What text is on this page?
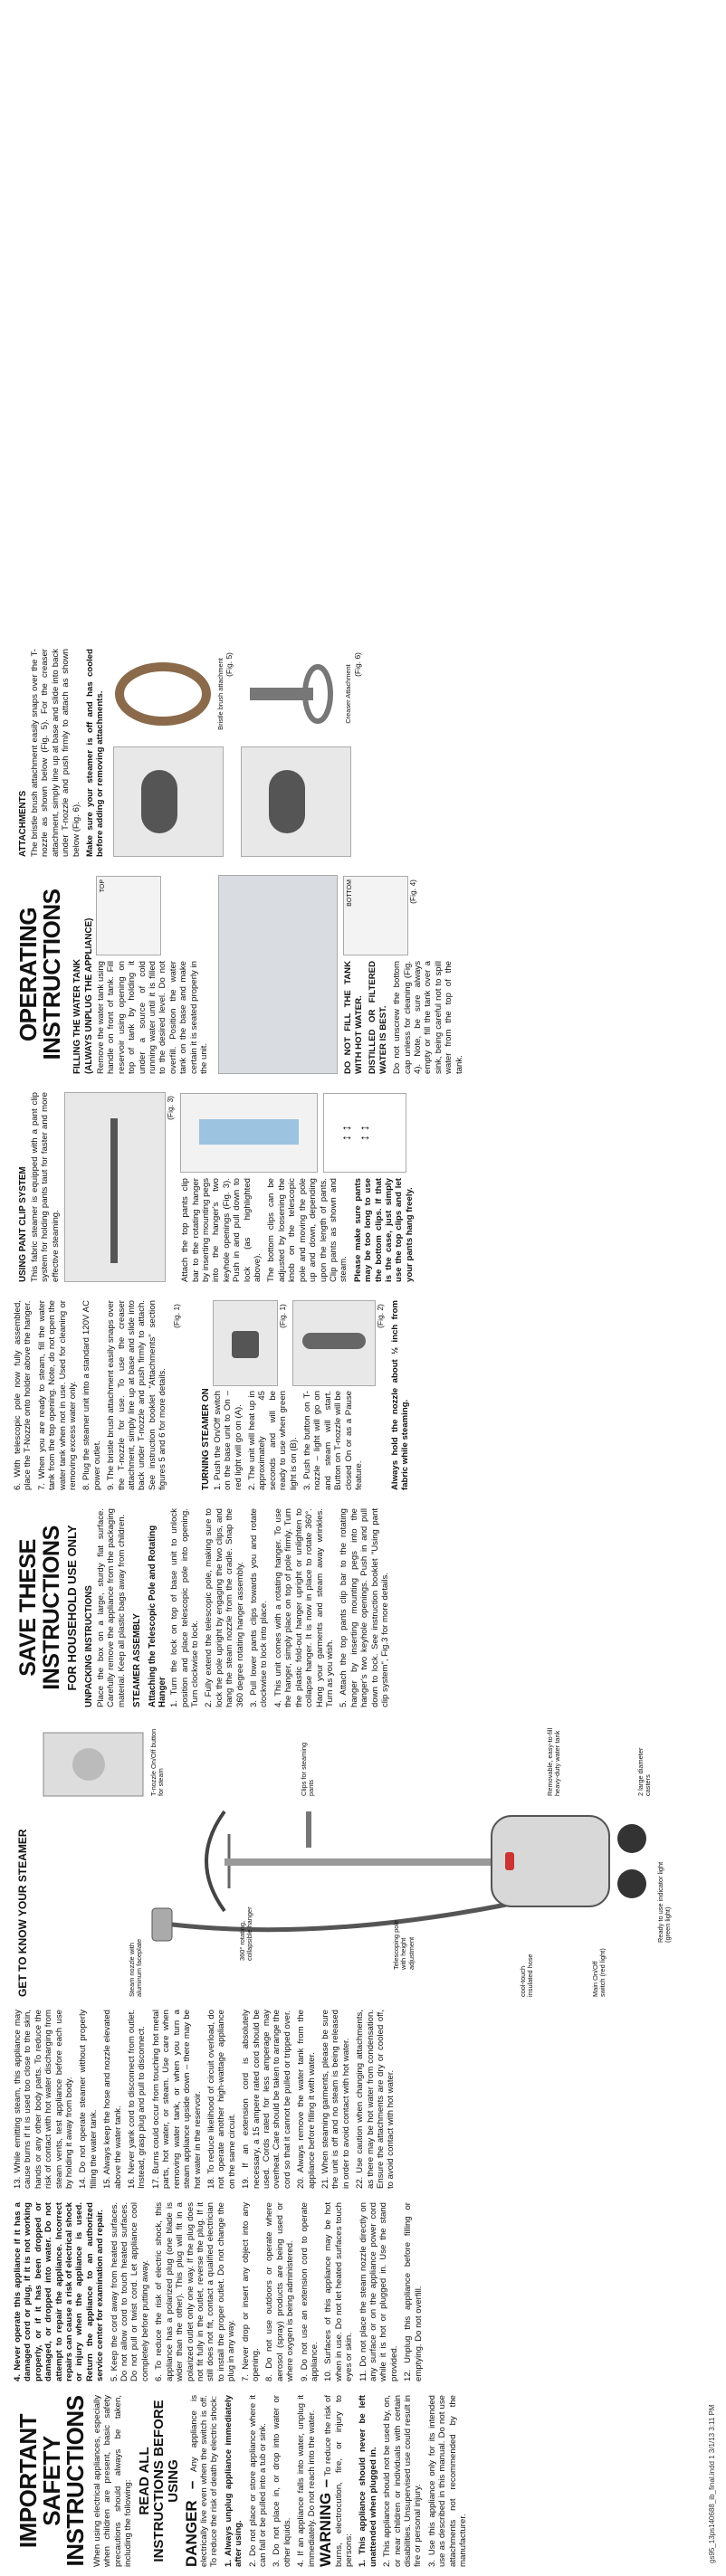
IMPORTANT SAFETY INSTRUCTIONS When using electrical appliances, especially when children are present, basic safety precautions should always be taken, including the following: READ ALL INSTRUCTIONS BEFORE USING DANGER – Any appliance is electrically live even when the switch is off. To reduce the risk of death by electric shock: 1. Always unplug appliance immediately after using. 2. Do not place or store appliance where it can fall or be pulled into a tub or sink. 3. Do not place in, or drop into water or other liquids. 4. If an appliance falls into water, unplug it immediately. Do not reach into the water. WARNING – To reduce the risk of burns, electrocution, fire, or injury to persons: 1. This appliance should never be left unattended when plugged in. 2. This appliance should not be used by, on, or near children or individuals with certain disabilities. Unsupervised use could result in fire or personal injury. 3. Use this appliance only for its intended use as described in this manual. Do not use attachments not recommended by the manufacturer.

4. Never operate this appliance if it has a damaged cord or plug, if it is not working properly, or if it has been dropped or damaged, or dropped into water. Do not attempt to repair the appliance. Incorrect repairs can cause a risk of electrical shock or injury when the appliance is used. Return the appliance to an authorized service center for examination and repair. 5. Keep the cord away from heated surfaces. Do not allow cord to touch heated surfaces. Do not pull or twist cord. Let appliance cool completely before putting away. 6. To reduce the risk of electric shock, this appliance has a polarized plug (one blade is wider than the other). This plug will fit in a polarized outlet only one way. If the plug does not fit fully in the outlet, reverse the plug. If it still does not fit, contact a qualified electrician to install the proper outlet. Do not change the plug in any way. 7. Never drop or insert any object into any opening. 8. Do not use outdoors or operate where aerosol (spray) products are being used or where oxygen is being administered. 9. Do not use an extension cord to operate appliance. 10. Surfaces of this appliance may be hot when in use. Do not let heated surfaces touch eyes or skin. 11. Do not place the steam nozzle directly on any surface or on the appliance power cord while it is hot or plugged in. Use the stand provided. 12. Unplug this appliance before filling or emptying. Do not overfill.

13. While emitting steam, this appliance may cause burns if it is used too close to the skin, hands or any other body parts. To reduce the risk of contact with hot water discharging from steam vents, test appliance before each use by holding it away from body. 14. Do not operate steamer without properly filling the water tank. 15. Always keep the hose and nozzle elevated above the water tank. 16. Never yank cord to disconnect from outlet. Instead, grasp plug and pull to disconnect. 17. Burns could occur from touching hot metal parts, hot water, or steam. Use care when removing water tank, or when you turn a steam appliance upside down – there may be hot water in the reservoir. 18. To reduce likelihood of circuit overload, do not operate another high-wattage appliance on the same circuit. 19. If an extension cord is absolutely necessary, a 15 ampere rated cord should be used. Cords rated for less amperage may overheat. Care should be taken to arrange the cord so that it cannot be pulled or tripped over. 20. Always remove the water tank from the appliance before filling it with water. 21. When steaming garments, please be sure the unit is off and no steam is being released in order to avoid contact with hot water. 22. Use caution when changing attachments, as there may be hot water from condensation. Ensure the attachments are dry or cooled off, to avoid contact with hot water.

GET TO KNOW YOUR STEAMER	Steam nozzle with aluminum faceplate
T-nozzle On/Off button for steam	Clips for steaming pants
360° rotating, collapsible hanger	Telescoping pole with height adjustment
cool-touch insulated hose	Main On/Off switch (red light)
Ready to use indicator light (green light)
Removable, easy-to-fill heavy-duty water tank	2 large diameter casters
SAVE THESE INSTRUCTIONS FOR HOUSEHOLD USE ONLY UNPACKING INSTRUCTIONS Place the box on a large, sturdy flat surface. Carefully remove the appliance from the packaging material. Keep all plastic bags away from children. STEAMER ASSEMBLY Attaching the Telescopic Pole and Rotating Hanger 1. Turn the lock on top of base unit to unlock position and place telescopic pole into opening. Turn clockwise to lock. 2. Fully extend the telescopic pole, making sure to lock the pole upright by engaging the two clips, and hang the steam nozzle from the cradle. Snap the 360 degree rotating hanger assembly. 3. Pull lower pants clips towards you and rotate clockwise to lock into place. 4. This unit comes with a rotating hanger. To use the hanger, simply place on top of pole firmly. Turn the plastic fold-out hanger upright or unlighten to collapse hanger. It is now in place to rotate 360°. Hang your garments and steam away wrinkles. Turn as you wish. 5. Attach the top pants clip bar to the rotating hanger by inserting mounting pegs into the hanger's two keyhole openings. Push in and pull down to lock. See instruction booklet "Using pant clip system", Fig.3 for more details.

6. With telescopic pole now fully assembled, place the T-Nozzle onto holder above the hanger. 7. When you are ready to steam, fill the water tank from the top opening. Note, do not open the water tank when not in use. Used for cleaning or removing excess water only. 8. Plug the steamer unit into a standard 120V AC power outlet. 9. The bristle brush attachment easily snaps over the T-nozzle for use. To use the creaser attachment, simply line up at base and slide into back under T-nozzle and push firmly to attach. See instruction booklet "Attachments" section figures 5 and 6 for more details.

(Fig. 1)
TURNING STEAMER ON 1. Push the On/Off switch on the base unit to On – red light will go on (A). 2. The unit will heat up in approximately 45 seconds and will be ready to use when green light is on (B). 3. Push the button on T-nozzle – light will go on and steam will start. Button on T-nozzle will be closed On or as a Pause feature.

(Fig. 1)	(Fig. 2) Always hold the nozzle about ½ inch from fabric while steaming.

USING PANT CLIP SYSTEM This fabric steamer is equipped with a pant clip system for holding pants taut for faster and more effective steaming.

(Fig. 3)

Attach the top pants clip bar to the rotating hanger by inserting mounting pegs into the hanger's two keyhole openings (Fig. 3). Push in and pull down to lock (as highlighted above). The bottom clips can be adjusted by loosening the knob on the telescopic pole and moving the pole up and down, depending upon the length of pants. Clip pants as shown and steam. Please make sure pants may be too long to use the bottom clips. If that is the case, just simply use the top clips and let your pants hang freely.

↕ ↕ ↕ ↕
OPERATING INSTRUCTIONS FILLING THE WATER TANK (ALWAYS UNPLUG THE APPLIANCE) Remove the water tank using handle on front of tank. Fill reservoir using opening on top of tank by holding it under a source of cold running water until it is filled to the desired level. Do not overfill. Position the water tank on the base and make certain it is seated properly in the unit.

TOP

DO NOT FILL THE TANK WITH HOT WATER. DISTILLED OR FILTERED WATER IS BEST. Do not unscrew the bottom cap unless for cleaning (Fig. 4). Note, be sure always empty or fill the tank over a sink, being careful not to spill water from the top of the tank.

BOTTOM	(Fig. 4)
ATTACHMENTS The bristle brush attachment easily snaps over the T-nozzle as shown below (Fig. 5). For the creaser attachment, simply line up at base and slide into back under T-nozzle and push firmly to attach as shown below (Fig. 6). Make sure your steamer is off and has cooled before adding or removing attachments.	Bristle brush attachment (Fig. 5)	Creaser Attachment (Fig. 6)
gs95_13ps140688_ib_final.indd 1 3/1/13 3:11 PM
